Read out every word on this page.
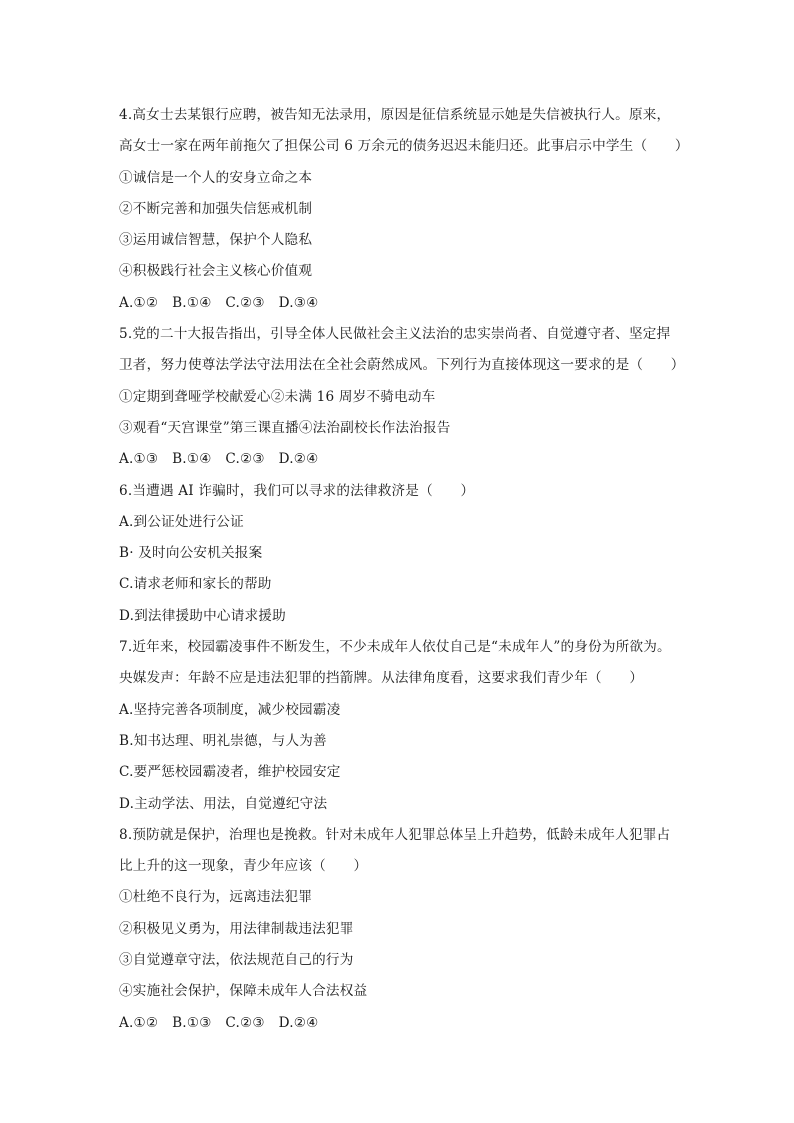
4.高女士去某银行应聘，被告知无法录用，原因是征信系统显示她是失信被执行人。原来，
高女士一家在两年前拖欠了担保公司 6 万余元的债务迟迟未能归还。此事启示中学生（　　）
①诚信是一个人的安身立命之本
②不断完善和加强失信惩戒机制
③运用诚信智慧，保护个人隐私
④积极践行社会主义核心价值观
A.①②　B.①④　C.②③　D.③④
5.党的二十大报告指出，引导全体人民做社会主义法治的忠实崇尚者、自觉遵守者、坚定捍
卫者，努力使尊法学法守法用法在全社会蔚然成风。下列行为直接体现这一要求的是（　　）
①定期到聋哑学校献爱心②未满 16 周岁不骑电动车
③观看“天宫课堂”第三课直播④法治副校长作法治报告
A.①③　B.①④　C.②③　D.②④
6.当遭遇 AI 诈骗时，我们可以寻求的法律救济是（　　）
A.到公证处进行公证
B· 及时向公安机关报案
C.请求老师和家长的帮助
D.到法律援助中心请求援助
7.近年来，校园霸凌事件不断发生，不少未成年人依仗自己是“未成年人”的身份为所欲为。
央媒发声：年龄不应是违法犯罪的挡箭牌。从法律角度看，这要求我们青少年（　　）
A.坚持完善各项制度，减少校园霸凌
B.知书达理、明礼崇德，与人为善
C.要严惩校园霸凌者，维护校园安定
D.主动学法、用法，自觉遵纪守法
8.预防就是保护，治理也是挽救。针对未成年人犯罪总体呈上升趋势，低龄未成年人犯罪占
比上升的这一现象，青少年应该（　　）
①杜绝不良行为，远离违法犯罪
②积极见义勇为，用法律制裁违法犯罪
③自觉遵章守法，依法规范自己的行为
④实施社会保护，保障未成年人合法权益
A.①②　B.①③　C.②③　D.②④
